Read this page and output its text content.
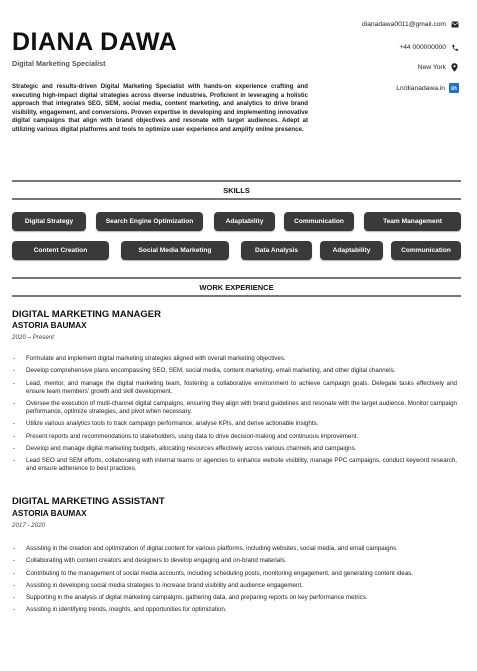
DIANA DAWA
Digital Marketing Specialist
Strategic and results-driven Digital Marketing Specialist with hands-on experience crafting and executing high-impact digital strategies across diverse industries. Proficient in leveraging a holistic approach that integrates SEO, SEM, social media, content marketing, and analytics to drive brand visibility, engagement, and conversions. Proven expertise in developing and implementing innovative digital campaigns that align with brand objectives and resonate with target audiences. Adept at utilizing various digital platforms and tools to optimize user experience and amplify online presence.
dianadawa0011@gmail.com
+44 000000000
New York
Ln/dianadawa.in in
SKILLS
Digital Strategy	Search Engine Optimization	Adaptability	Communication	Team Management
Content Creation	Social Media Marketing	Data Analysis	Adaptability	Communication
WORK EXPERIENCE
DIGITAL MARKETING MANAGER
ASTORIA BAUMAX
2020 – Present
- Formulate and implement digital marketing strategies aligned with overall marketing objectives.
- Develop comprehensive plans encompassing SEO, SEM, social media, content marketing, email marketing, and other digital channels.
- Lead, mentor, and manage the digital marketing team, fostering a collaborative environment to achieve campaign goals. Delegate tasks effectively and ensure team members' growth and skill development.
- Oversee the execution of multi-channel digital campaigns, ensuring they align with brand guidelines and resonate with the target audience. Monitor campaign performance, optimize strategies, and pivot when necessary.
- Utilize various analytics tools to track campaign performance, analyse KPIs, and derive actionable insights.
- Present reports and recommendations to stakeholders, using data to drive decision-making and continuous improvement.
- Develop and manage digital marketing budgets, allocating resources effectively across various channels and campaigns.
- Lead SEO and SEM efforts, collaborating with internal teams or agencies to enhance website visibility, manage PPC campaigns, conduct keyword research, and ensure adherence to best practices.
DIGITAL MARKETING ASSISTANT
ASTORIA BAUMAX
2017 - 2020
- Assisting in the creation and optimization of digital content for various platforms, including websites, social media, and email campaigns.
- Collaborating with content creators and designers to develop engaging and on-brand materials.
- Contributing to the management of social media accounts, including scheduling posts, monitoring engagement, and generating content ideas.
- Assisting in developing social media strategies to increase brand visibility and audience engagement.
- Supporting in the analysis of digital marketing campaigns, gathering data, and preparing reports on key performance metrics.
- Assisting in identifying trends, insights, and opportunities for optimization.
